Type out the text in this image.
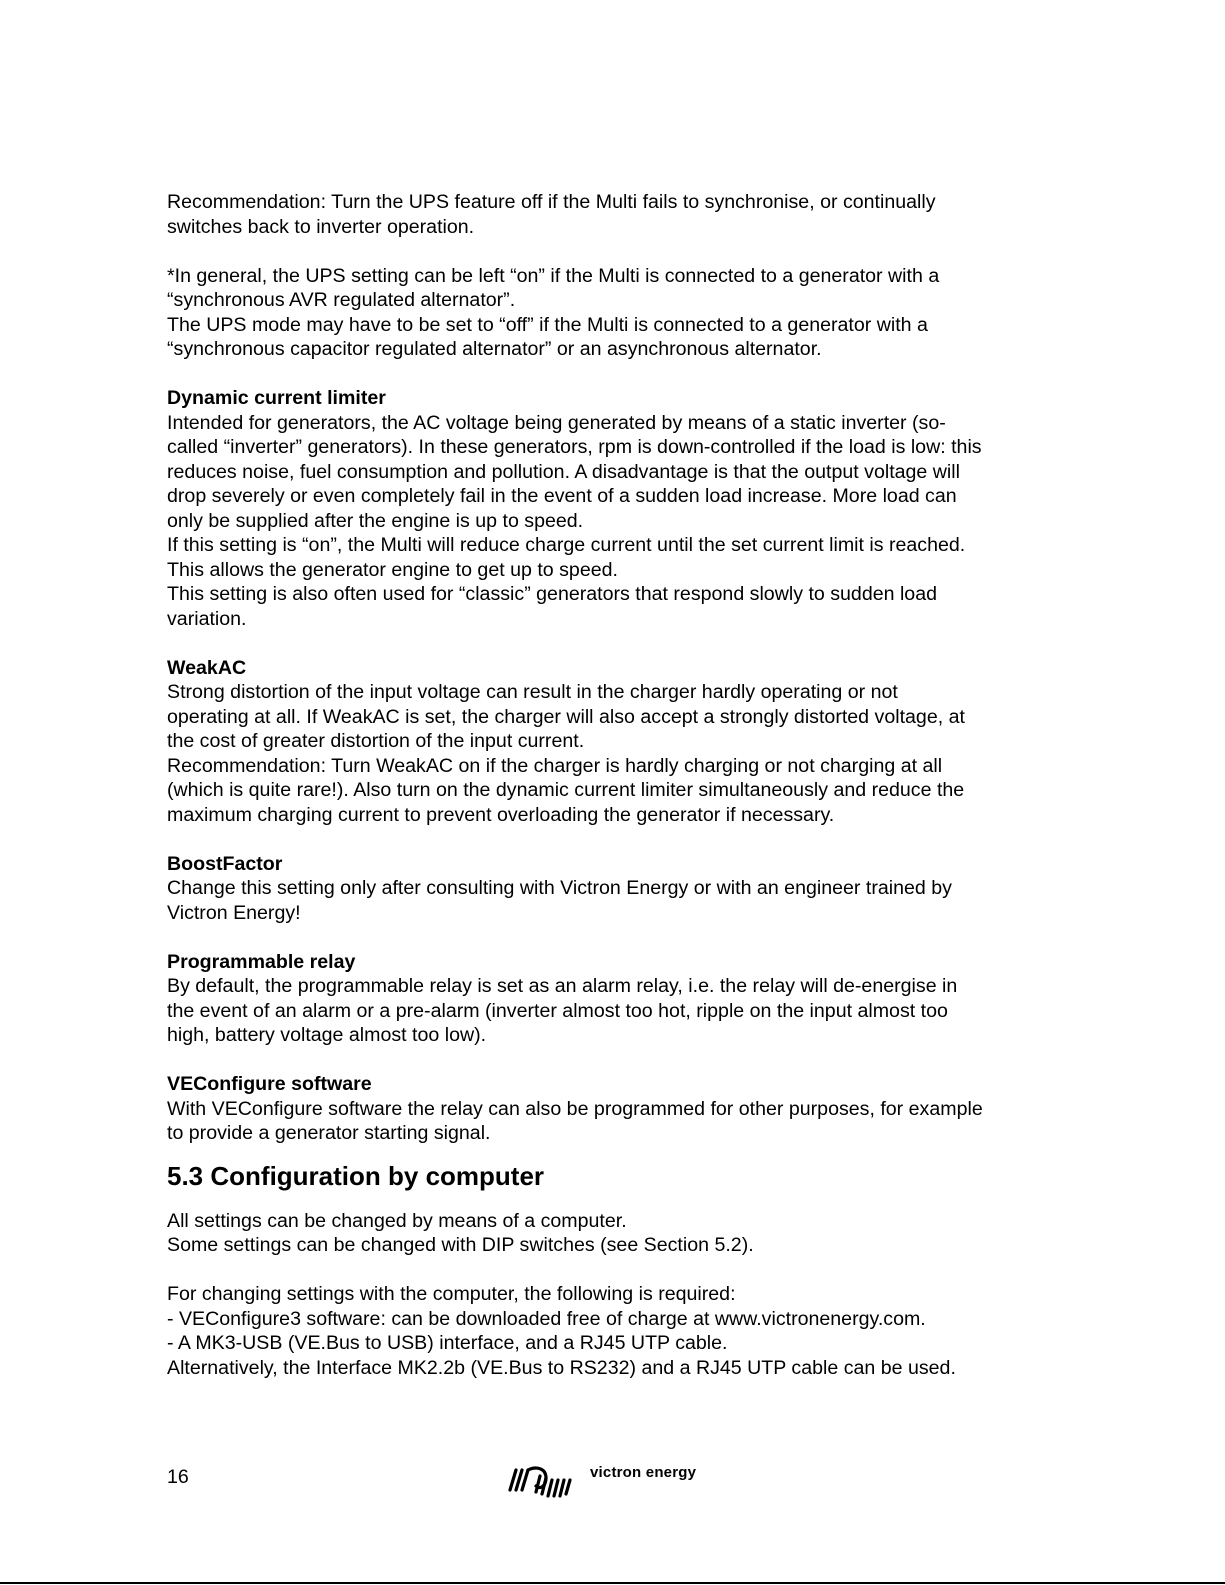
Recommendation: Turn the UPS feature off if the Multi fails to synchronise, or continually

switches back to inverter operation.

*In general, the UPS setting can be left “on” if the Multi is connected to a generator with a

“synchronous AVR regulated alternator”.

The UPS mode may have to be set to “off” if the Multi is connected to a generator with a

“synchronous capacitor regulated alternator” or an asynchronous alternator.

Dynamic current limiter

Intended for generators, the AC voltage being generated by means of a static inverter (so-

called “inverter” generators). In these generators, rpm is down-controlled if the load is low: this

reduces noise, fuel consumption and pollution. A disadvantage is that the output voltage will

drop severely or even completely fail in the event of a sudden load increase. More load can

only be supplied after the engine is up to speed.

If this setting is “on”, the Multi will reduce charge current until the set current limit is reached.

This allows the generator engine to get up to speed.

This setting is also often used for “classic” generators that respond slowly to sudden load

variation.

WeakAC

Strong distortion of the input voltage can result in the charger hardly operating or not

operating at all. If WeakAC is set, the charger will also accept a strongly distorted voltage, at

the cost of greater distortion of the input current.

Recommendation: Turn WeakAC on if the charger is hardly charging or not charging at all

(which is quite rare!). Also turn on the dynamic current limiter simultaneously and reduce the

maximum charging current to prevent overloading the generator if necessary.

BoostFactor

Change this setting only after consulting with Victron Energy or with an engineer trained by

Victron Energy!

Programmable relay

By default, the programmable relay is set as an alarm relay, i.e. the relay will de-energise in

the event of an alarm or a pre-alarm (inverter almost too hot, ripple on the input almost too

high, battery voltage almost too low).

VEConfigure software

With VEConfigure software the relay can also be programmed for other purposes, for example

to provide a generator starting signal.

5.3 Configuration by computer

All settings can be changed by means of a computer.

Some settings can be changed with DIP switches (see Section 5.2).

For changing settings with the computer, the following is required:

- VEConfigure3 software: can be downloaded free of charge at www.victronenergy.com.

- A MK3-USB (VE.Bus to USB) interface, and a RJ45 UTP cable.

Alternatively, the Interface MK2.2b (VE.Bus to RS232) and a RJ45 UTP cable can be used.

16	victron energy
